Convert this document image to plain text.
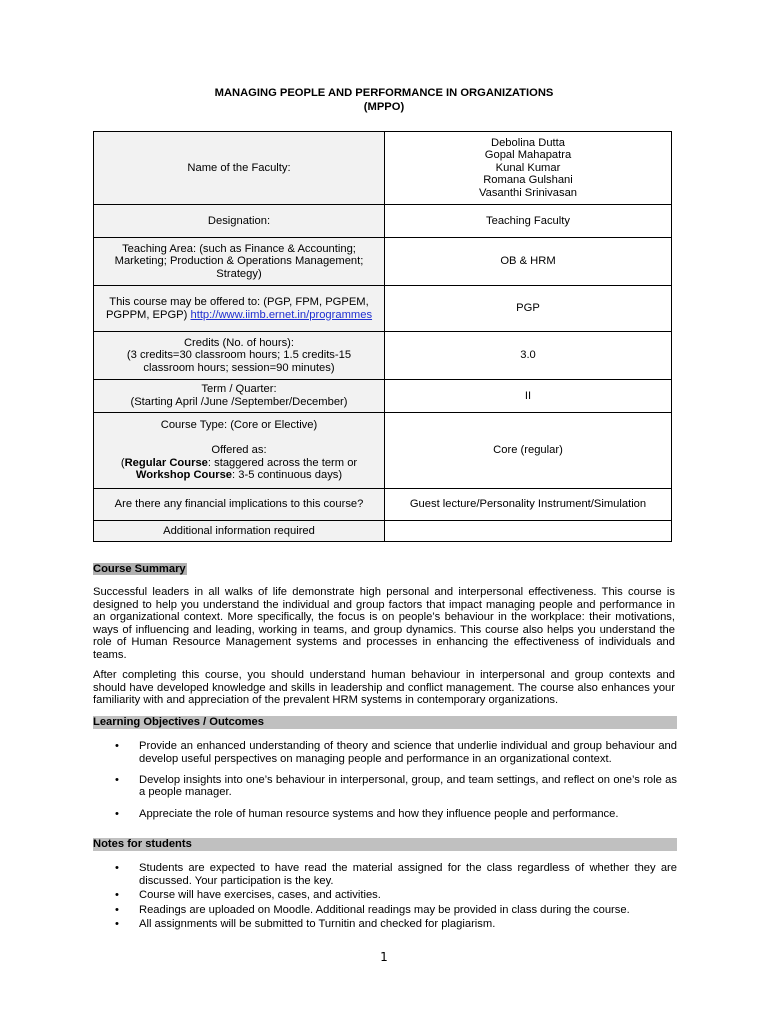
MANAGING PEOPLE AND PERFORMANCE IN ORGANIZATIONS
(MPPO)
Name of the Faculty:	Debolina Dutta
Gopal Mahapatra
Kunal Kumar
Romana Gulshani
Vasanthi Srinivasan

Designation:	Teaching Faculty
Teaching Area: (such as Finance & Accounting; Marketing; Production & Operations Management; Strategy)	OB & HRM
This course may be offered to: (PGP, FPM, PGPEM, PGPPM, EPGP) http://www.iimb.ernet.in/programmes	PGP

Credits (No. of hours):
(3 credits=30 classroom hours; 1.5 credits-15 classroom hours; session=90 minutes)	3.0

Term / Quarter:
(Starting April /June /September/December)	II

Course Type: (Core or Elective)
Offered as:
(Regular Course: staggered across the term or
Workshop Course: 3-5 continuous days)	Core (regular)
Are there any financial implications to this course?	Guest lecture/Personality Instrument/Simulation
Additional information required	
Course Summary
Successful leaders in all walks of life demonstrate high personal and interpersonal effectiveness. This course is designed to help you understand the individual and group factors that impact managing people and performance in an organizational context. More specifically, the focus is on people’s behaviour in the workplace: their motivations, ways of influencing and leading, working in teams, and group dynamics. This course also helps you understand the role of Human Resource Management systems and processes in enhancing the effectiveness of individuals and teams.
After completing this course, you should understand human behaviour in interpersonal and group contexts and should have developed knowledge and skills in leadership and conflict management. The course also enhances your familiarity with and appreciation of the prevalent HRM systems in contemporary organizations.
Learning Objectives / Outcomes
• Provide an enhanced understanding of theory and science that underlie individual and group behaviour and develop useful perspectives on managing people and performance in an organizational context.
• Develop insights into one’s behaviour in interpersonal, group, and team settings, and reflect on one’s role as a people manager.
• Appreciate the role of human resource systems and how they influence people and performance.
Notes for students
• Students are expected to have read the material assigned for the class regardless of whether they are discussed. Your participation is the key.
• Course will have exercises, cases, and activities.
• Readings are uploaded on Moodle. Additional readings may be provided in class during the course.
• All assignments will be submitted to Turnitin and checked for plagiarism.
1
